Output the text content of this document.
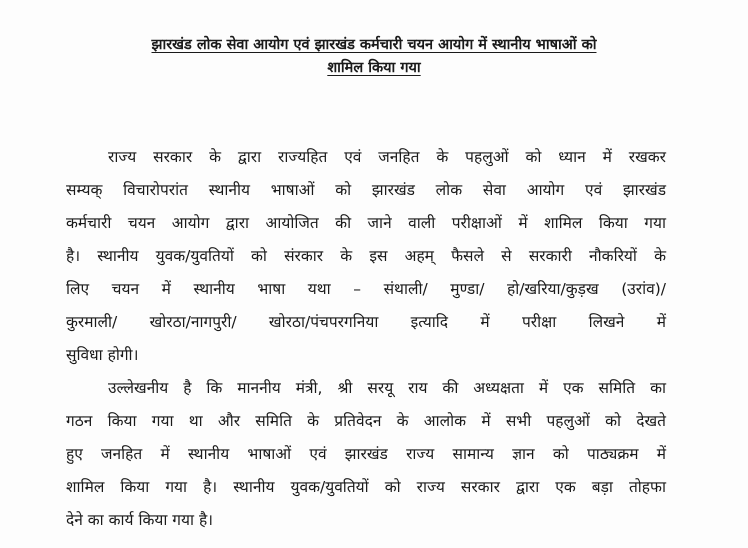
झारखंड लोक सेवा आयोग एवं झारखंड कर्मचारी चयन आयोग में स्थानीय भाषाओं को
शामिल किया गया
राज्य सरकार के द्वारा राज्यहित एवं जनहित के पहलुओं को ध्यान में रखकर
सम्यक् विचारोपरांत स्थानीय भाषाओं को झारखंड लोक सेवा आयोग एवं झारखंड
कर्मचारी चयन आयोग द्वारा आयोजित की जाने वाली परीक्षाओं में शामिल किया गया
है। स्थानीय युवक/युवतियों को संरकार के इस अहम् फैसले से सरकारी नौकरियों के
लिए चयन में स्थानीय भाषा यथा – संथाली/ मुण्डा/ हो/खरिया/कुड़ख (उरांव)/
कुरमाली/ खोरठा/नागपुरी/ खोरठा/पंचपरगनिया इत्यादि में परीक्षा लिखने में
सुविधा होगी।
उल्लेखनीय है कि माननीय मंत्री, श्री सरयू राय की अध्यक्षता में एक समिति का
गठन किया गया था और समिति के प्रतिवेदन के आलोक में सभी पहलुओं को देखते
हुए जनहित में स्थानीय भाषाओं एवं झारखंड राज्य सामान्य ज्ञान को पाठ्यक्रम में
शामिल किया गया है। स्थानीय युवक/युवतियों को राज्य सरकार द्वारा एक बड़ा तोहफा
देने का कार्य किया गया है।
